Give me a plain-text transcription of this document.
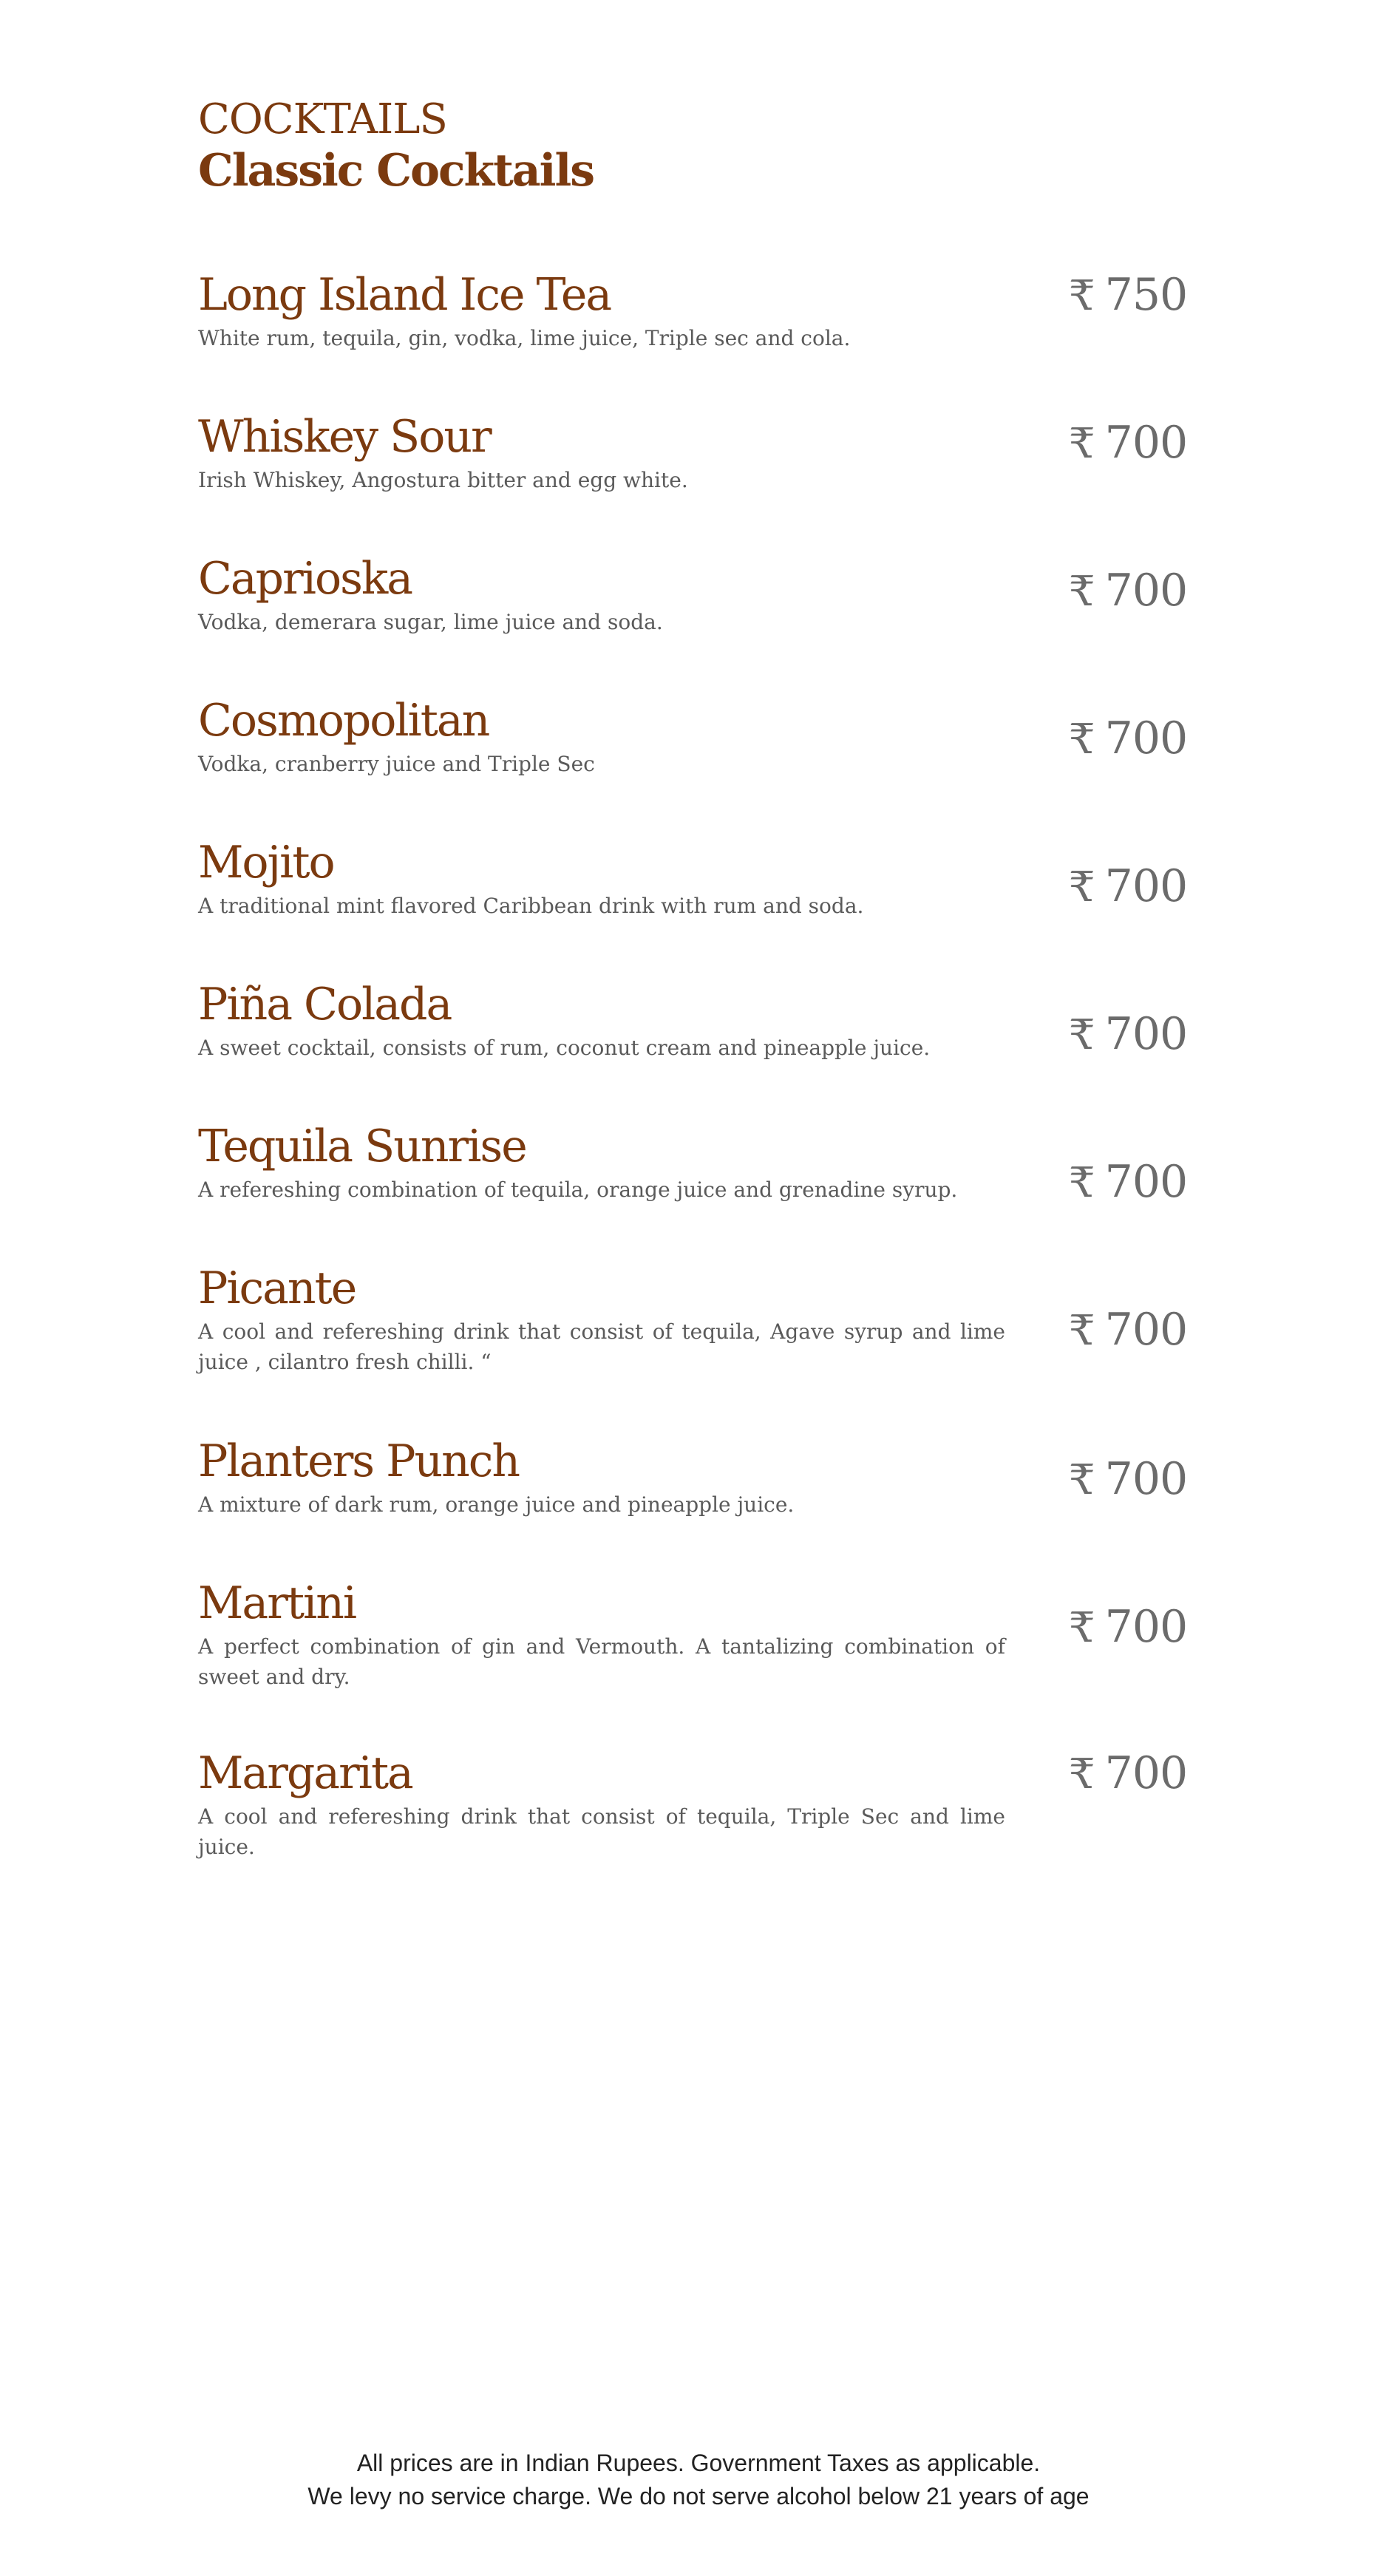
COCKTAILS
Classic Cocktails
Long Island Ice Tea
White rum, tequila, gin, vodka, lime juice, Triple sec and cola.
₹ 750
Whiskey Sour
Irish Whiskey, Angostura bitter and egg white.
₹ 700
Caprioska
Vodka, demerara sugar, lime juice and soda.
₹ 700
Cosmopolitan
Vodka, cranberry juice and Triple Sec
₹ 700
Mojito
A traditional mint flavored Caribbean drink with rum and soda.	₹ 700
Piña Colada
A sweet cocktail, consists of rum, coconut cream and pineapple juice.	₹ 700
Tequila Sunrise
A refereshing combination of tequila, orange juice and grenadine syrup.	₹ 700
Picante
A cool and refereshing drink that consist of tequila, Agave syrup and lime juice , cilantro fresh chilli. “
₹ 700
Planters Punch
A mixture of dark rum, orange juice and pineapple juice.
₹ 700
Martini
A perfect combination of gin and Vermouth. A tantalizing combination of sweet and dry.
₹ 700
Margarita
A cool and refereshing drink that consist of tequila, Triple Sec and lime juice.
₹ 700
All prices are in Indian Rupees. Government Taxes as applicable.
We levy no service charge. We do not serve alcohol below 21 years of age
